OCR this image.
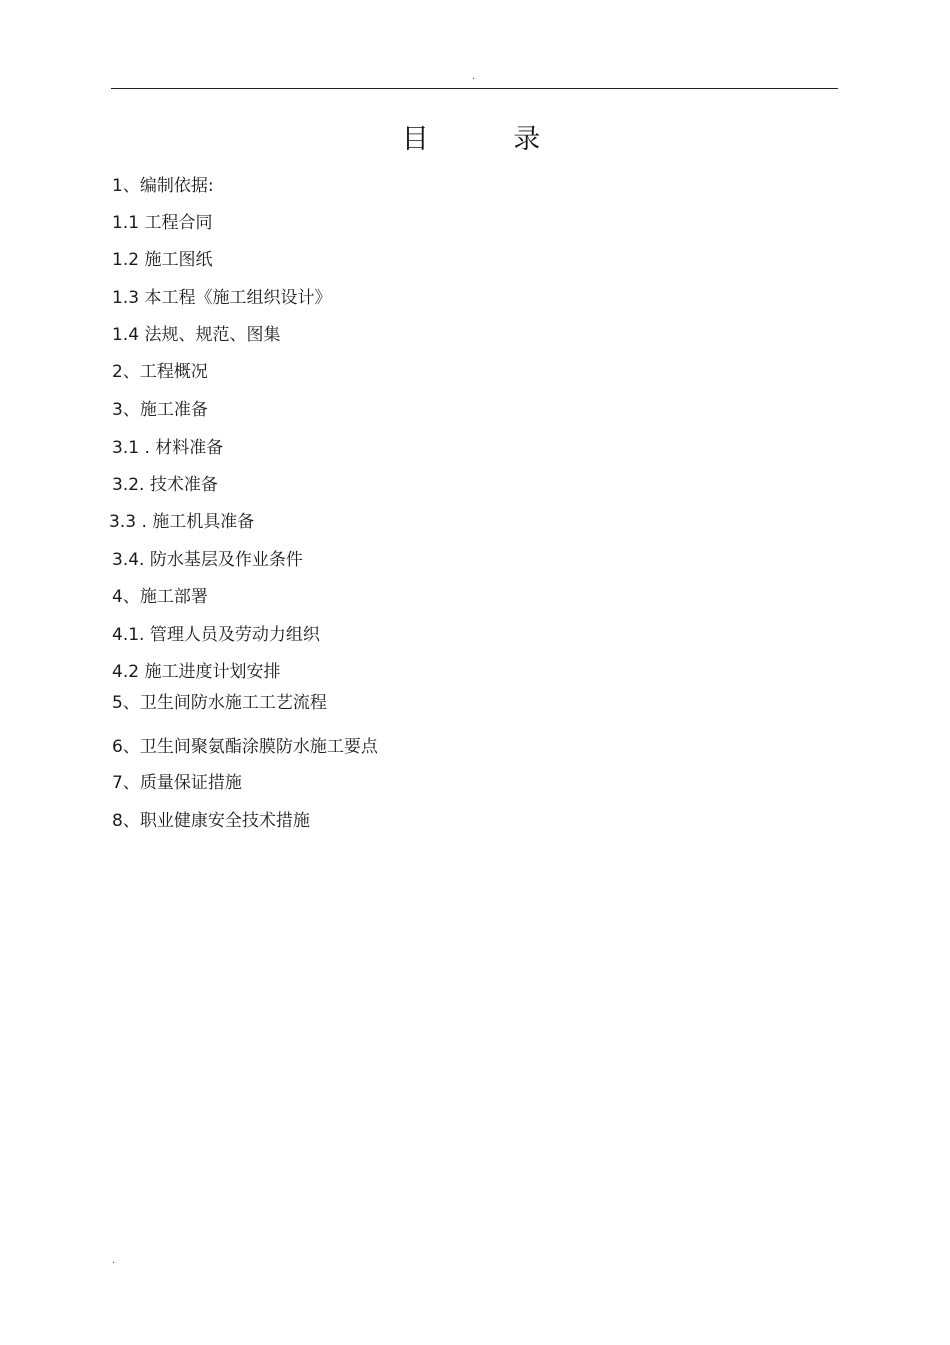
.
目 录
1、编制依据:
1.1 工程合同
1.2 施工图纸
1.3 本工程《施工组织设计》
1.4 法规、规范、图集
2、工程概况
3、施工准备
3.1 . 材料准备
3.2. 技术准备
3.3 . 施工机具准备
3.4. 防水基层及作业条件
4、施工部署
4.1. 管理人员及劳动力组织
4.2 施工进度计划安排
5、卫生间防水施工工艺流程
6、卫生间聚氨酯涂膜防水施工要点
7、质量保证措施
8、职业健康安全技术措施
.
